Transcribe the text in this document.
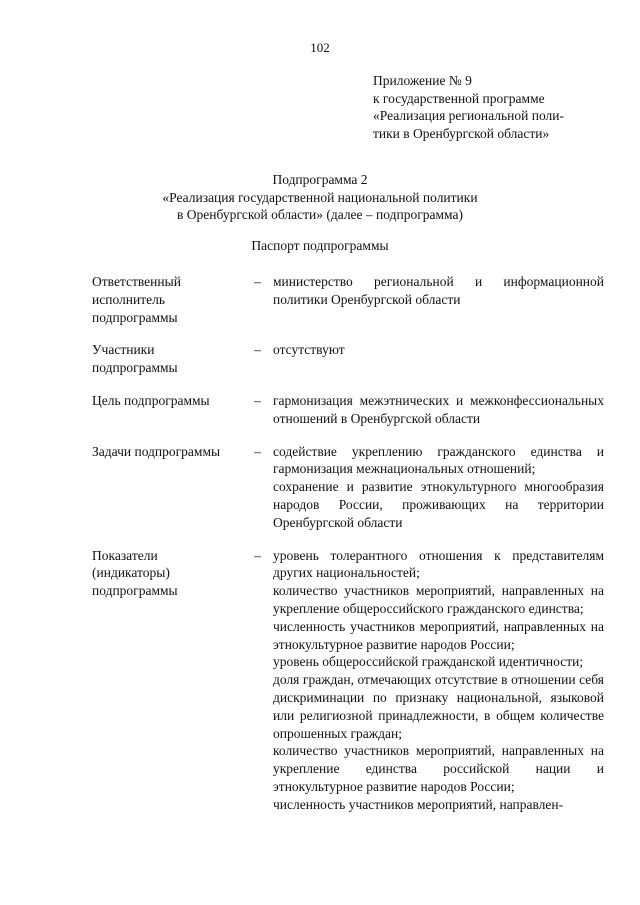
102
Приложение № 9
к государственной программе
«Реализация региональной поли-
тики в Оренбургской области»
Подпрограмма 2
«Реализация государственной национальной политики
в Оренбургской области» (далее – подпрограмма)
Паспорт подпрограммы
Ответственный
исполнитель
подпрограммы
– министерство региональной и информационной политики Оренбургской области
Участники
подпрограммы
– отсутствуют
Цель подпрограммы	– гармонизация межэтнических и межконфессиональных отношений в Оренбургской области
Задачи подпрограммы	– содействие укреплению гражданского единства и гармонизация межнациональных отношений;
сохранение и развитие этнокультурного многообразия народов России, проживающих на территории Оренбургской области
Показатели
(индикаторы)
подпрограммы
– уровень толерантного отношения к представителям других национальностей;
количество участников мероприятий, направленных на укрепление общероссийского гражданского единства;
численность участников мероприятий, направленных на этнокультурное развитие народов России;
уровень общероссийской гражданской идентичности;
доля граждан, отмечающих отсутствие в отношении себя дискриминации по признаку национальной, языковой или религиозной принадлежности, в общем количестве опрошенных граждан;
количество участников мероприятий, направленных на укрепление единства российской нации и этнокультурное развитие народов России;
численность участников мероприятий, направлен-
